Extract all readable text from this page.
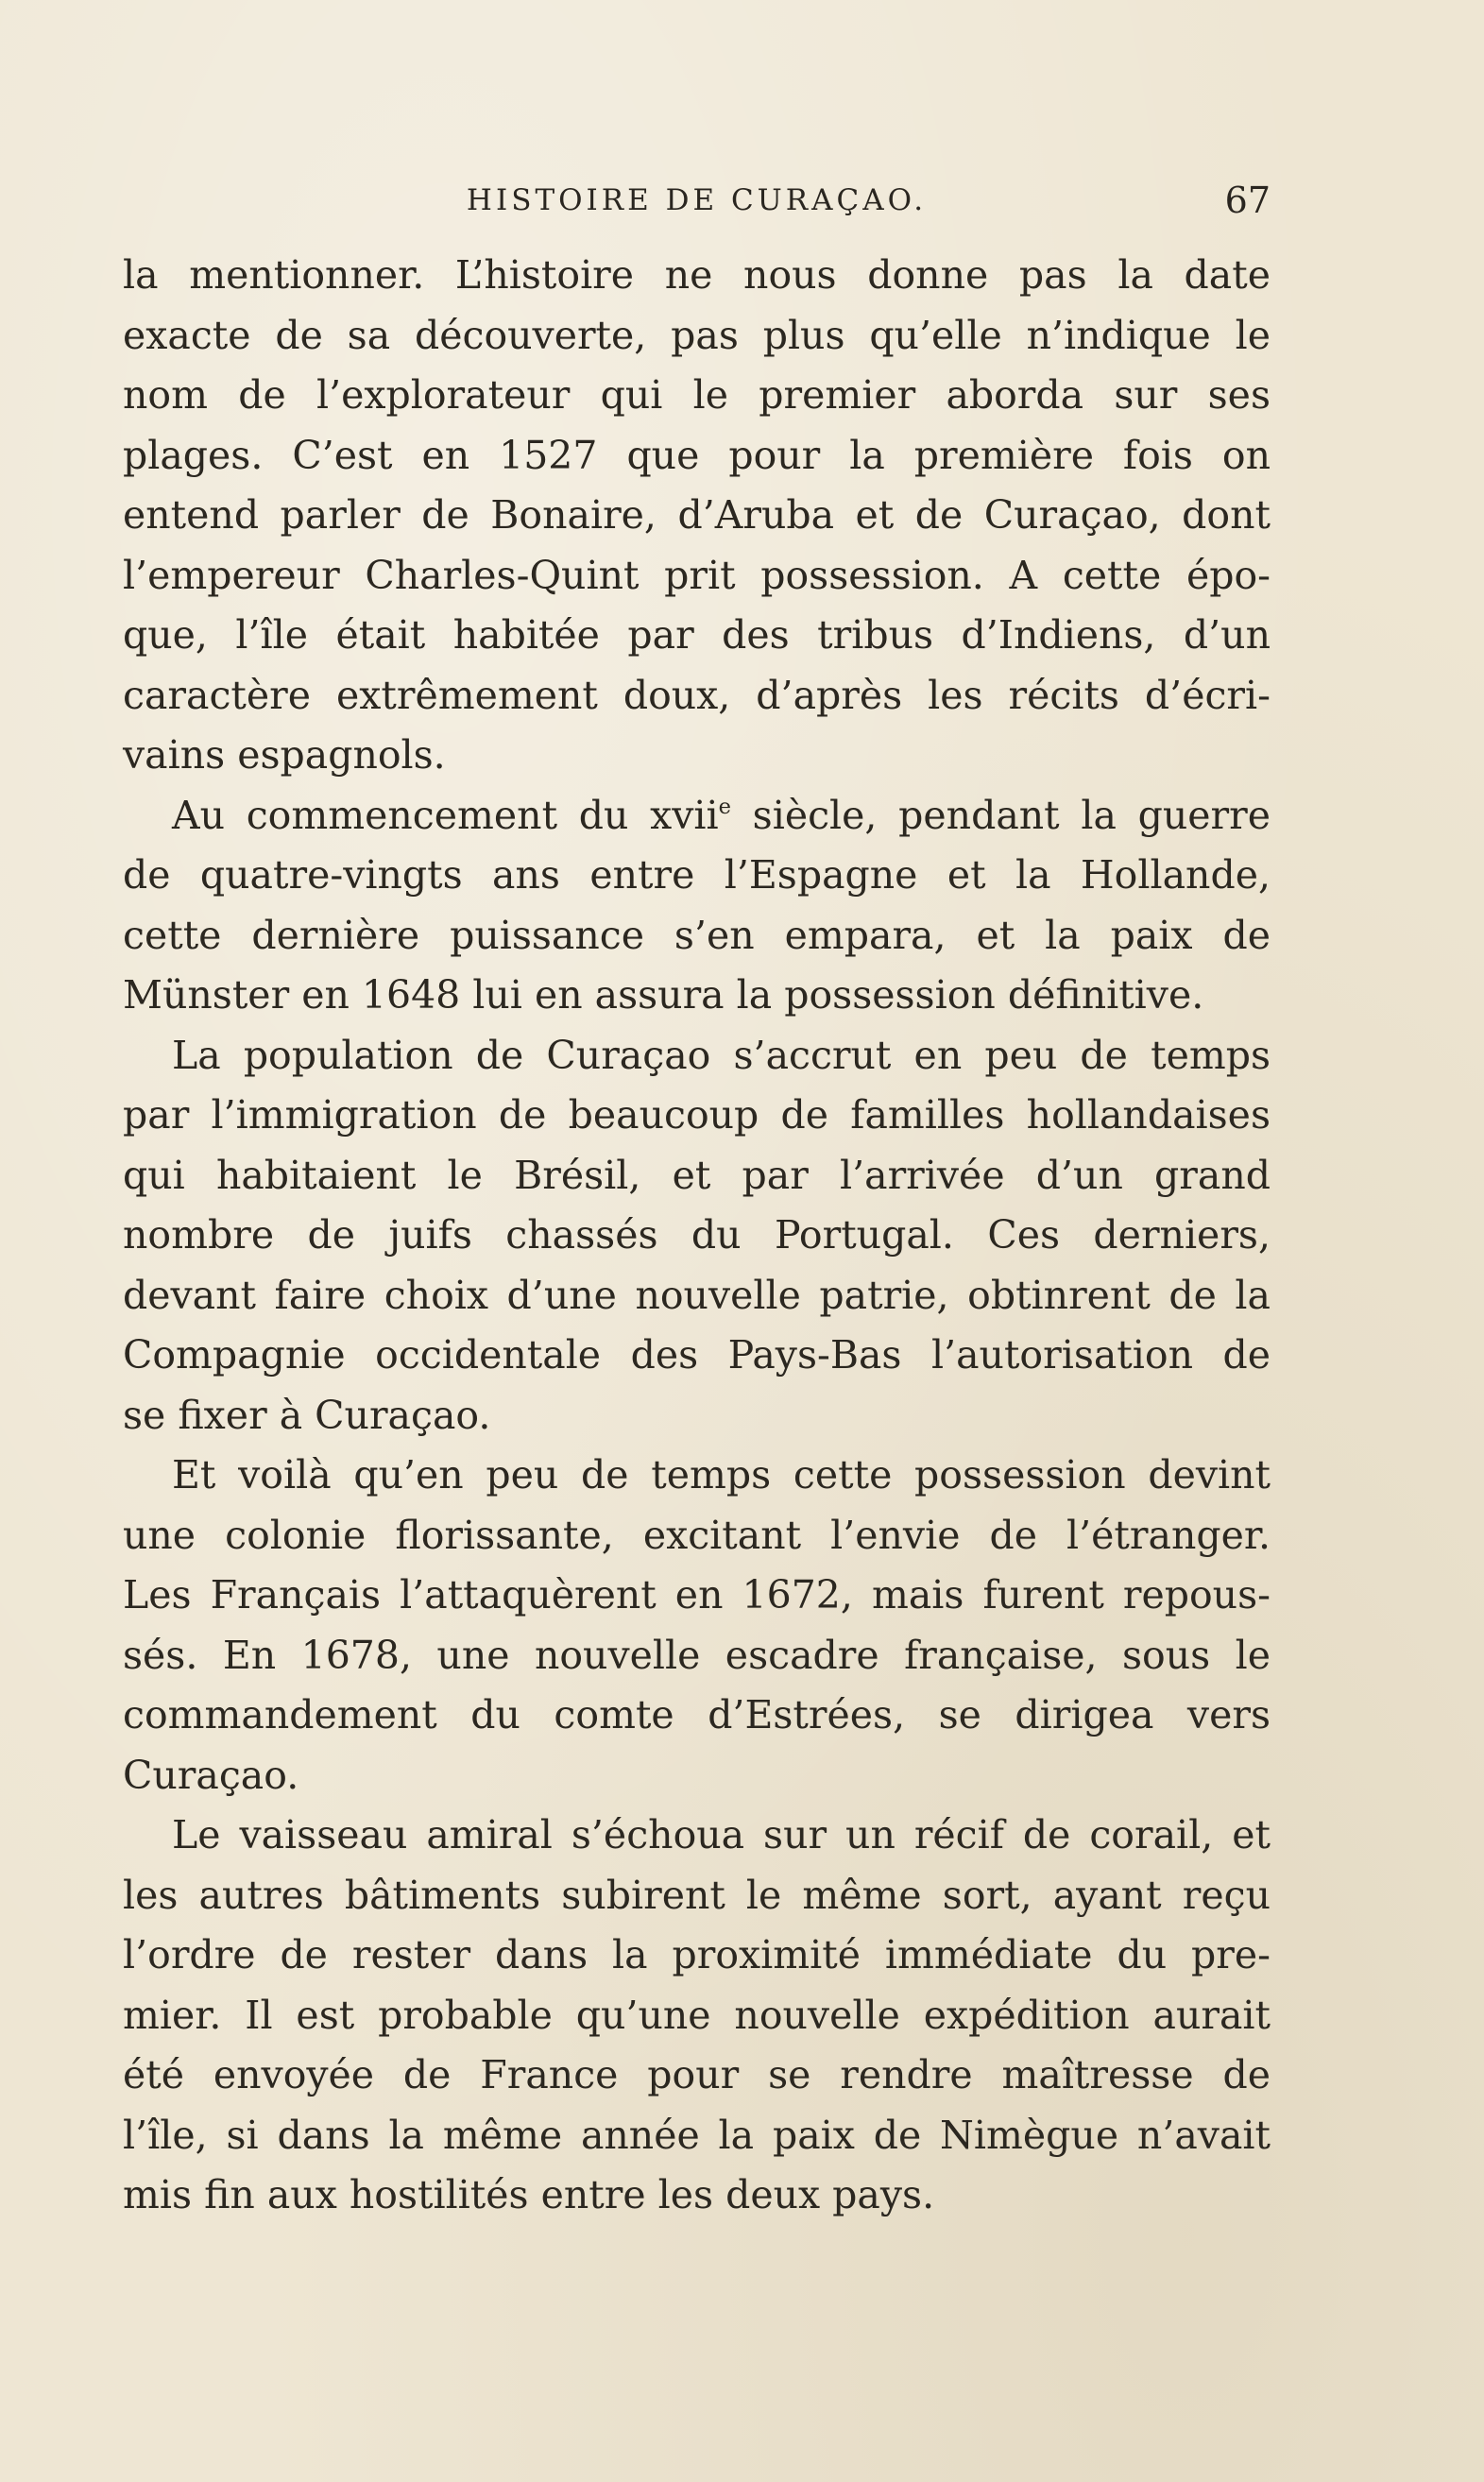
HISTOIRE DE CURAÇAO.	67
la mentionner. L’histoire ne nous donne pas la date
exacte de sa découverte, pas plus qu’elle n’indique le
nom de l’explorateur qui le premier aborda sur ses
plages. C’est en 1527 que pour la première fois on
entend parler de Bonaire, d’Aruba et de Curaçao, dont
l’empereur Charles-Quint prit possession. A cette épo-
que, l’île était habitée par des tribus d’Indiens, d’un
caractère extrêmement doux, d’après les récits d’écri-
vains espagnols.
Au commencement du xvii$^e$ siècle, pendant la guerre
de quatre-vingts ans entre l’Espagne et la Hollande,
cette dernière puissance s’en empara, et la paix de
Münster en 1648 lui en assura la possession définitive.
La population de Curaçao s’accrut en peu de temps
par l’immigration de beaucoup de familles hollandaises
qui habitaient le Brésil, et par l’arrivée d’un grand
nombre de juifs chassés du Portugal. Ces derniers,
devant faire choix d’une nouvelle patrie, obtinrent de la
Compagnie occidentale des Pays-Bas l’autorisation de
se fixer à Curaçao.
Et voilà qu’en peu de temps cette possession devint
une colonie florissante, excitant l’envie de l’étranger.
Les Français l’attaquèrent en 1672, mais furent repous-
sés. En 1678, une nouvelle escadre française, sous le
commandement du comte d’Estrées, se dirigea vers
Curaçao.
Le vaisseau amiral s’échoua sur un récif de corail, et
les autres bâtiments subirent le même sort, ayant reçu
l’ordre de rester dans la proximité immédiate du pre-
mier. Il est probable qu’une nouvelle expédition aurait
été envoyée de France pour se rendre maîtresse de
l’île, si dans la même année la paix de Nimègue n’avait
mis fin aux hostilités entre les deux pays.
